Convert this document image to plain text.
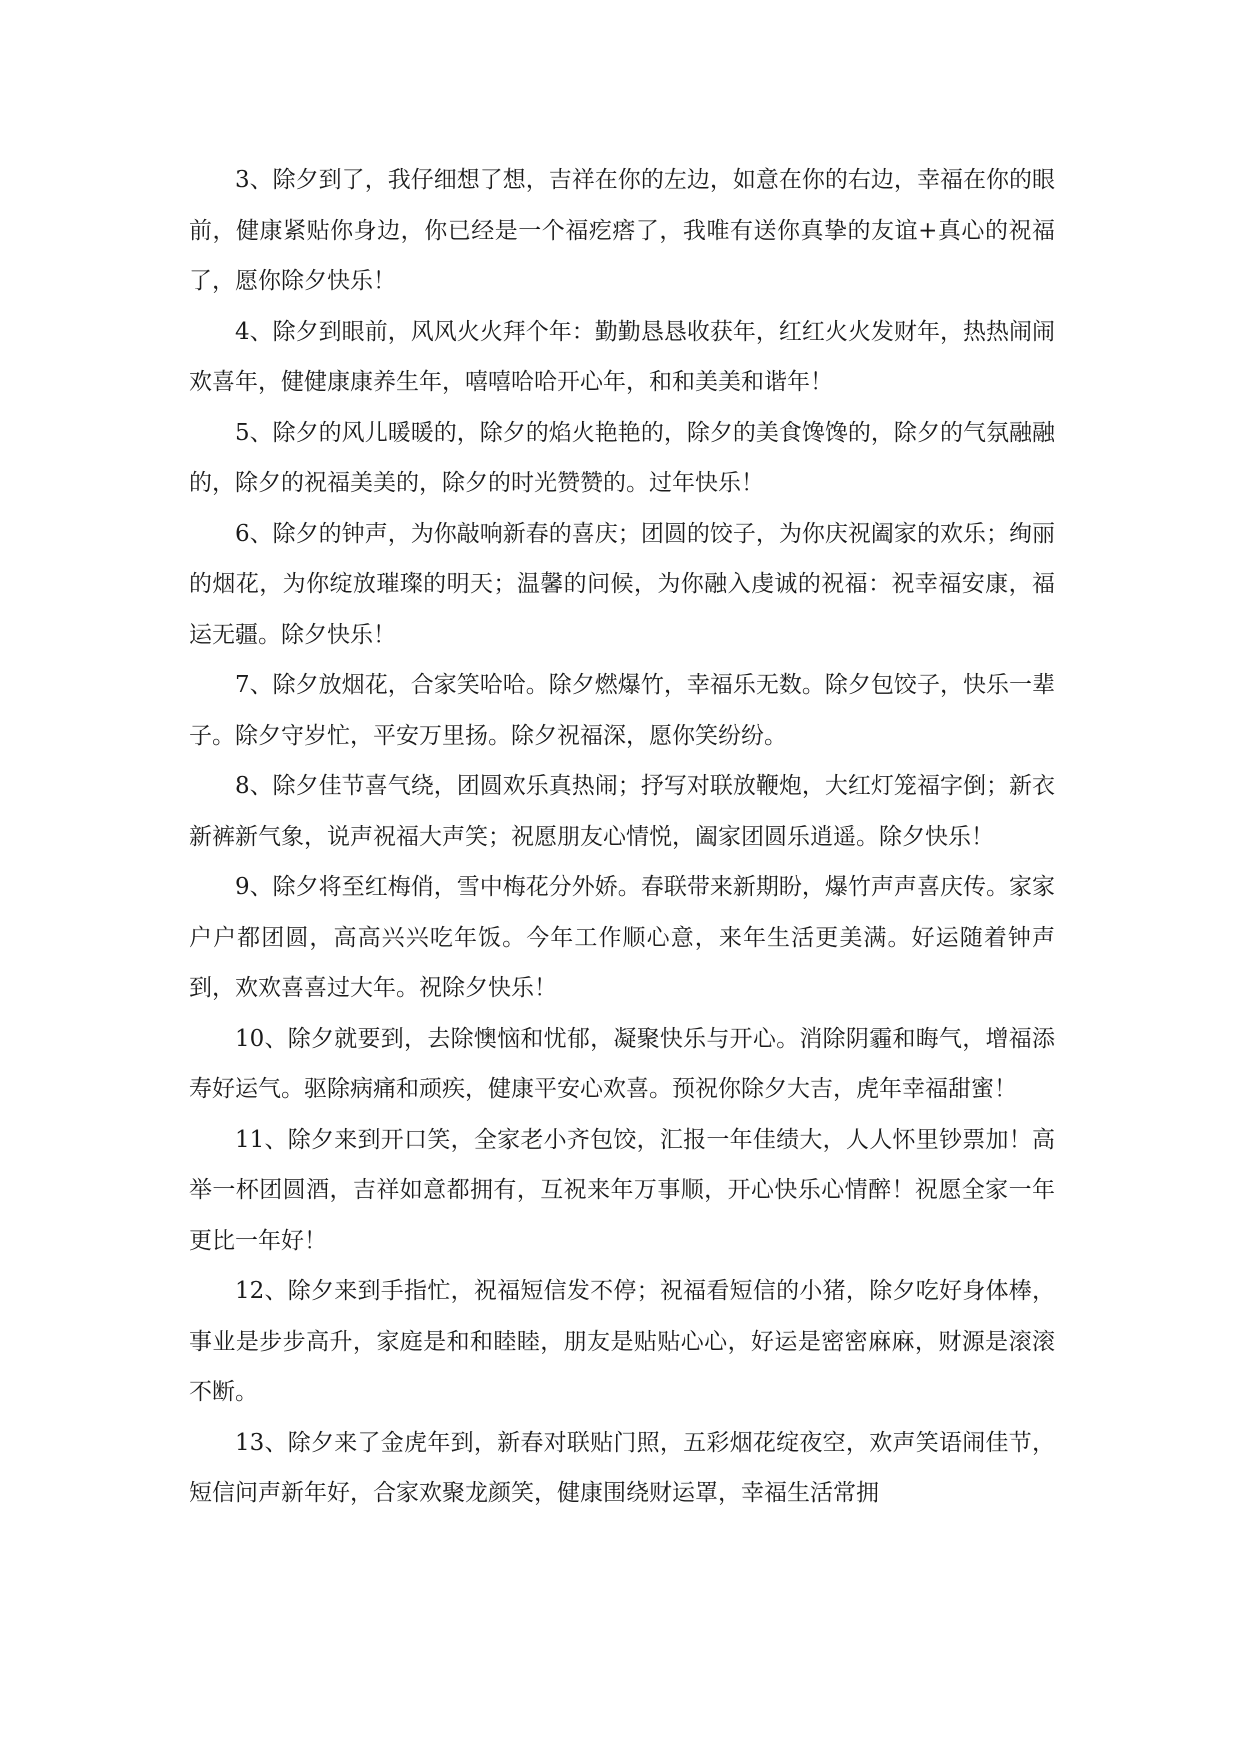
3、除夕到了，我仔细想了想，吉祥在你的左边，如意在你的右边，幸福在你的眼前，健康紧贴你身边，你已经是一个福疙瘩了，我唯有送你真挚的友谊+真心的祝福了，愿你除夕快乐！

4、除夕到眼前，风风火火拜个年：勤勤恳恳收获年，红红火火发财年，热热闹闹欢喜年，健健康康养生年，嘻嘻哈哈开心年，和和美美和谐年！

5、除夕的风儿暖暖的，除夕的焰火艳艳的，除夕的美食馋馋的，除夕的气氛融融的，除夕的祝福美美的，除夕的时光赞赞的。过年快乐！

6、除夕的钟声，为你敲响新春的喜庆；团圆的饺子，为你庆祝阖家的欢乐；绚丽的烟花，为你绽放璀璨的明天；温馨的问候，为你融入虔诚的祝福：祝幸福安康，福运无疆。除夕快乐！

7、除夕放烟花，合家笑哈哈。除夕燃爆竹，幸福乐无数。除夕包饺子，快乐一辈子。除夕守岁忙，平安万里扬。除夕祝福深，愿你笑纷纷。

8、除夕佳节喜气绕，团圆欢乐真热闹；抒写对联放鞭炮，大红灯笼福字倒；新衣新裤新气象，说声祝福大声笑；祝愿朋友心情悦，阖家团圆乐逍遥。除夕快乐！

9、除夕将至红梅俏，雪中梅花分外娇。春联带来新期盼，爆竹声声喜庆传。家家户户都团圆，高高兴兴吃年饭。今年工作顺心意，来年生活更美满。好运随着钟声到，欢欢喜喜过大年。祝除夕快乐！

10、除夕就要到，去除懊恼和忧郁，凝聚快乐与开心。消除阴霾和晦气，增福添寿好运气。驱除病痛和顽疾，健康平安心欢喜。预祝你除夕大吉，虎年幸福甜蜜！

11、除夕来到开口笑，全家老小齐包饺，汇报一年佳绩大，人人怀里钞票加！高举一杯团圆酒，吉祥如意都拥有，互祝来年万事顺，开心快乐心情醉！祝愿全家一年更比一年好！

12、除夕来到手指忙，祝福短信发不停；祝福看短信的小猪，除夕吃好身体棒，事业是步步高升，家庭是和和睦睦，朋友是贴贴心心，好运是密密麻麻，财源是滚滚不断。

13、除夕来了金虎年到，新春对联贴门照，五彩烟花绽夜空，欢声笑语闹佳节，短信问声新年好，合家欢聚龙颜笑，健康围绕财运罩，幸福生活常拥
